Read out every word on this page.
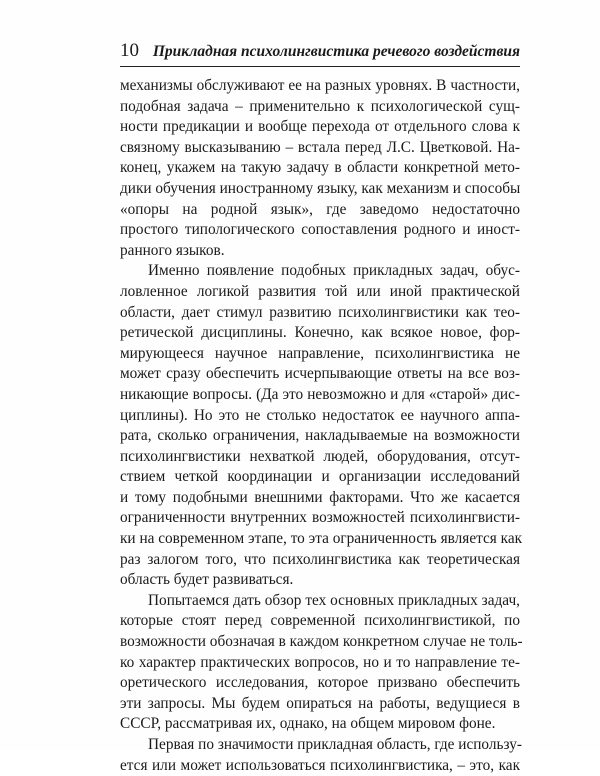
10 Прикладная психолингвистика речевого воздействия
механизмы обслуживают ее на разных уровнях. В частности,
подобная задача – применительно к психологической сущ-
ности предикации и вообще перехода от отдельного слова к
связному высказыванию – встала перед Л.С. Цветковой. На-
конец, укажем на такую задачу в области конкретной мето-
дики обучения иностранному языку, как механизм и способы
«опоры на родной язык», где заведомо недостаточно
простого типологического сопоставления родного и иност-
ранного языков.
Именно появление подобных прикладных задач, обус-
ловленное логикой развития той или иной практической
области, дает стимул развитию психолингвистики как тео-
ретической дисциплины. Конечно, как всякое новое, фор-
мирующееся научное направление, психолингвистика не
может сразу обеспечить исчерпывающие ответы на все воз-
никающие вопросы. (Да это невозможно и для «старой» дис-
циплины). Но это не столько недостаток ее научного аппа-
рата, сколько ограничения, накладываемые на возможности
психолингвистики нехваткой людей, оборудования, отсут-
ствием четкой координации и организации исследований
и тому подобными внешними факторами. Что же касается
ограниченности внутренних возможностей психолингвисти-
ки на современном этапе, то эта ограниченность является как
раз залогом того, что психолингвистика как теоретическая
область будет развиваться.
Попытаемся дать обзор тех основных прикладных задач,
которые стоят перед современной психолингвистикой, по
возможности обозначая в каждом конкретном случае не толь-
ко характер практических вопросов, но и то направление те-
оретического исследования, которое призвано обеспечить
эти запросы. Мы будем опираться на работы, ведущиеся в
СССР, рассматривая их, однако, на общем мировом фоне.
Первая по значимости прикладная область, где использу-
ется или может использоваться психолингвистика, – это, как
